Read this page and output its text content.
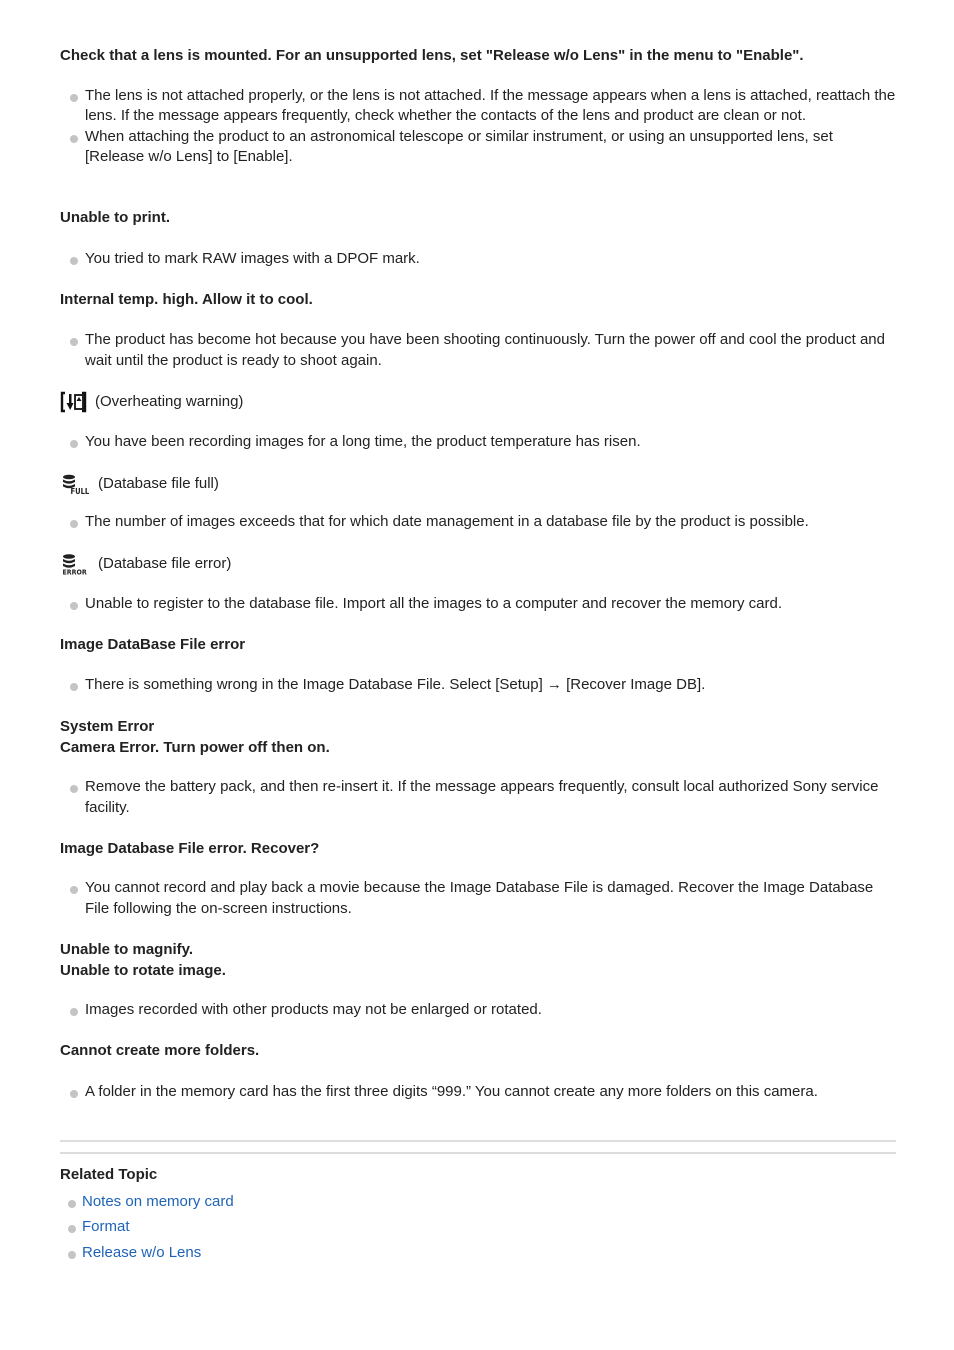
Check that a lens is mounted. For an unsupported lens, set "Release w/o Lens" in the menu to "Enable".

The lens is not attached properly, or the lens is not attached. If the message appears when a lens is attached, reattach the lens. If the message appears frequently, check whether the contacts of the lens and product are clean or not.
When attaching the product to an astronomical telescope or similar instrument, or using an unsupported lens, set [Release w/o Lens] to [Enable].

Unable to print.

You tried to mark RAW images with a DPOF mark.

Internal temp. high. Allow it to cool.

The product has become hot because you have been shooting continuously. Turn the power off and cool the product and wait until the product is ready to shoot again.
(Overheating warning)
You have been recording images for a long time, the product temperature has risen.
FULL (Database file full)
The number of images exceeds that for which date management in a database file by the product is possible.
ERROR
(Database file error)
Unable to register to the database file. Import all the images to a computer and recover the memory card.

Image DataBase File error

There is something wrong in the Image Database File. Select [Setup] → [Recover Image DB].

System Error

Camera Error. Turn power off then on.

Remove the battery pack, and then re-insert it. If the message appears frequently, consult local authorized Sony service facility.

Image Database File error. Recover?

You cannot record and play back a movie because the Image Database File is damaged. Recover the Image Database File following the on-screen instructions.

Unable to magnify.

Unable to rotate image.

Images recorded with other products may not be enlarged or rotated.

Cannot create more folders.

A folder in the memory card has the first three digits “999.” You cannot create any more folders on this camera.

Related Topic

Notes on memory card
Format
Release w/o Lens
